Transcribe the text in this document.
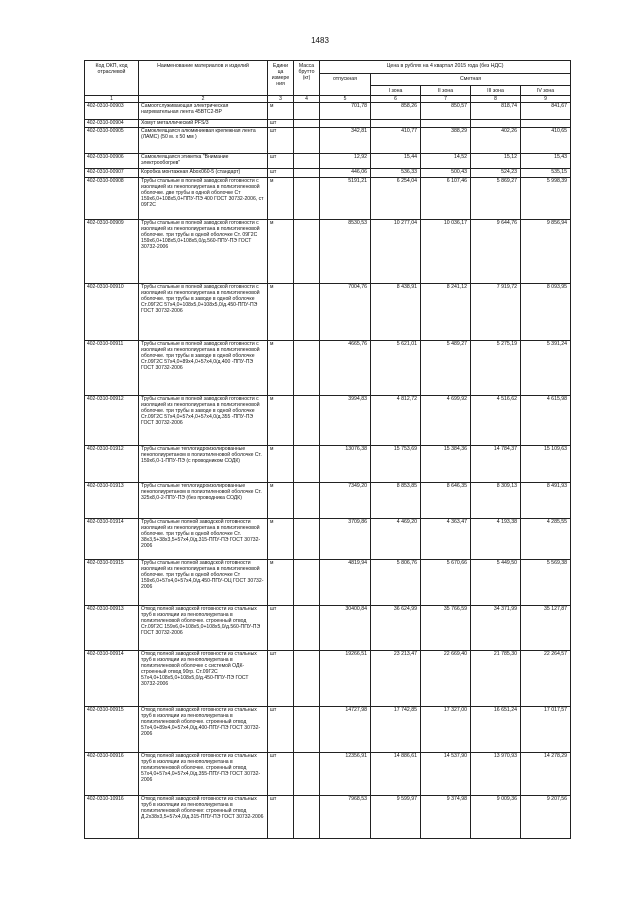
1483
Код ОКП, код отраслевой	Наименование материалов и изделий	Едини ца измере ния	Масса брутто (кг)	Цена в рублях на 4 квартал 2015 года (без НДС)				
				отпускная	Сметная			
					I зона	II зона	III зона	IV зона
1	2	3	4	5	6	7	8	9
402-0310-00903	Самоотслуживающая электрическая нагревательная лента 45ВТС2-ВР	м		701,78	858,26	850,57	818,74	841,67
402-0310-00904	Хомут металлический PFS/3	шт						
402-0310-00905	Самоклеящаяся алюминиевая крепежная лента (ЛАМС) (50 м. х 50 мм )	шт		342,81	410,77	388,29	402,26	410,65
402-0310-00906	Самоклеящаяся этикетка "Внимание электрообогрев"	шт		12,92	15,44	14,52	15,12	15,43
402-0310-00907	Коробка монтажная Abox060-5 (стандарт)	шт		446,06	536,33	500,43	524,23	535,15
402-0310-00908	Трубы стальные в полной заводской готовности с изоляцией из пенополиуретана в полиэтиленовой оболочке. две трубы в одной оболочке Ст 159х6,0+108х5,0+ППУ-ПЭ 400 ГОСТ 30732-2006, ст 09Г2С	м		5191,21	6 254,04	6 107,46	5 869,27	5 998,39
402-0310-00909	Трубы стальные в полной заводской готовности с изоляцией из пенополиуретана в полиэтиленовой оболочке. три трубы в одной оболочке Ст. 09Г2С 159х6,0+108х5,0+108х5,0/д.560-ППУ-ПЭ ГОСТ 30732-2006	м		8530,53	10 277,04	10 036,17	9 644,76	9 856,94
402-0310-00910	Трубы стальные в полной заводской готовности с изоляцией из пенополиуретана в полиэтиленовой оболочке. три трубы в заводе в одной оболочке Ст.09Г2С 57х4,0+108х5,0+108х5,0/д.450-ППУ-ПЭ ГОСТ 30732-2006	м		7004,76	8 438,91	8 241,12	7 919,72	8 093,95
402-0310-00911	Трубы стальные в полной заводской готовности с изоляцией из пенополиуретана в полиэтиленовой оболочке. три трубы в заводе в одной оболочке Ст.09Г2С 57х4,0+89х4,0+57х4,0/д.400 -ППУ-ПЭ ГОСТ 30732-2006	м		4665,76	5 621,01	5 489,27	5 275,19	5 391,24
402-0310-00912	Трубы стальные в полной заводской готовности с изоляцией из пенополиуретана в полиэтиленовой оболочке. три трубы в заводе в одной оболочке Ст.09Г2С 57х4,0+57х4,0+57х4,0/д.355 -ППУ-ПЭ ГОСТ 30732-2006	м		3994,83	4 812,72	4 699,92	4 516,62	4 615,98
402-0310-01912	Трубы стальные теплогидроизолированные пенополиуретаном в полиэтиленовой оболочке Ст. 159х6,0-1-ППУ-ПЭ (с проводником СОДК)	м		13076,38	15 753,69	15 384,36	14 784,37	15 109,63
402-0310-01913	Трубы стальные теплогидроизолированные пенополиуретаном в полиэтиленовой оболочке Ст. 325х8,0-2-ППУ-ПЭ (без проводника СОДК)	м		7349,20	8 853,85	8 646,35	8 309,13	8 491,93
402-0310-01914	Трубы стальные полной заводской готовности изоляцией из пенополиуретана в полиэтиленовой оболочке. три трубы в одной оболочке Ст. 38х3,5+38х3,5+57х4,0/д.315-ППУ-ПЭ ГОСТ 30732-2006	м		3709,86	4 469,20	4 363,47	4 193,38	4 285,55
402-0310-01915	Трубы стальные полной заводской готовности изоляцией из пенополиуретана в полиэтиленовой оболочке. три трубы в одной оболочке Ст 159х6,0+57х4,0+57х4,0/д.450-ППУ-ОЦ ГОСТ 30732-2006	м		4819,94	5 806,76	5 670,66	5 449,50	5 569,38
402-0310-00913	Отвод полной заводской готовности из стальных труб в изоляции из пенополиуретана в полиэтиленовой оболочке. строенный отвод Ст.09Г2С 159х6,0+108х5,0+108х5,0/д.560-ППУ-ПЭ ГОСТ 30732-2006	шт		30400,84	36 624,99	35 766,59	34 371,99	35 127,87
402-0310-00914	Отвод полной заводской готовности из стальных труб в изоляции из пенополиуретана в полиэтиленовой оболочке с системой ОДК-строенный отвод 90гр. Ст.09Г2С 57х4,0+108х5,0+108х5,0/д.450-ППУ-ПЭ ГОСТ 30732-2006	шт		19266,51	23 213,47	22 669,40	21 785,30	22 264,57
402-0310-00915	Отвод полной заводской готовности из стальных труб в изоляции из пенополиуретана в полиэтиленовой оболочке. строенный отвод 57х4,0+89х4,0+57х4,0/д.400-ППУ-ПЭ ГОСТ 30732-2006	шт		14727,98	17 742,85	17 327,00	16 651,24	17 017,57
402-0310-00916	Отвод полной заводской готовности из стальных труб в изоляции из пенополиуретана в полиэтиленовой оболочке. строенный отвод 57х4,0+57х4,0+57х4,0/д.355-ППУ-ПЭ ГОСТ 30732-2006	шт		12356,91	14 886,61	14 537,90	13 970,93	14 278,29
402-0310-10916	Отвод полной заводской готовности из стальных труб в изоляции из пенополиуретана в полиэтиленовой оболочке: строенный отвод Д.2х38х3,5+57х4,0/д.315-ППУ-ПЭ ГОСТ 30732-2006	шт		7968,53	9 599,97	9 374,98	9 009,36	9 207,56
